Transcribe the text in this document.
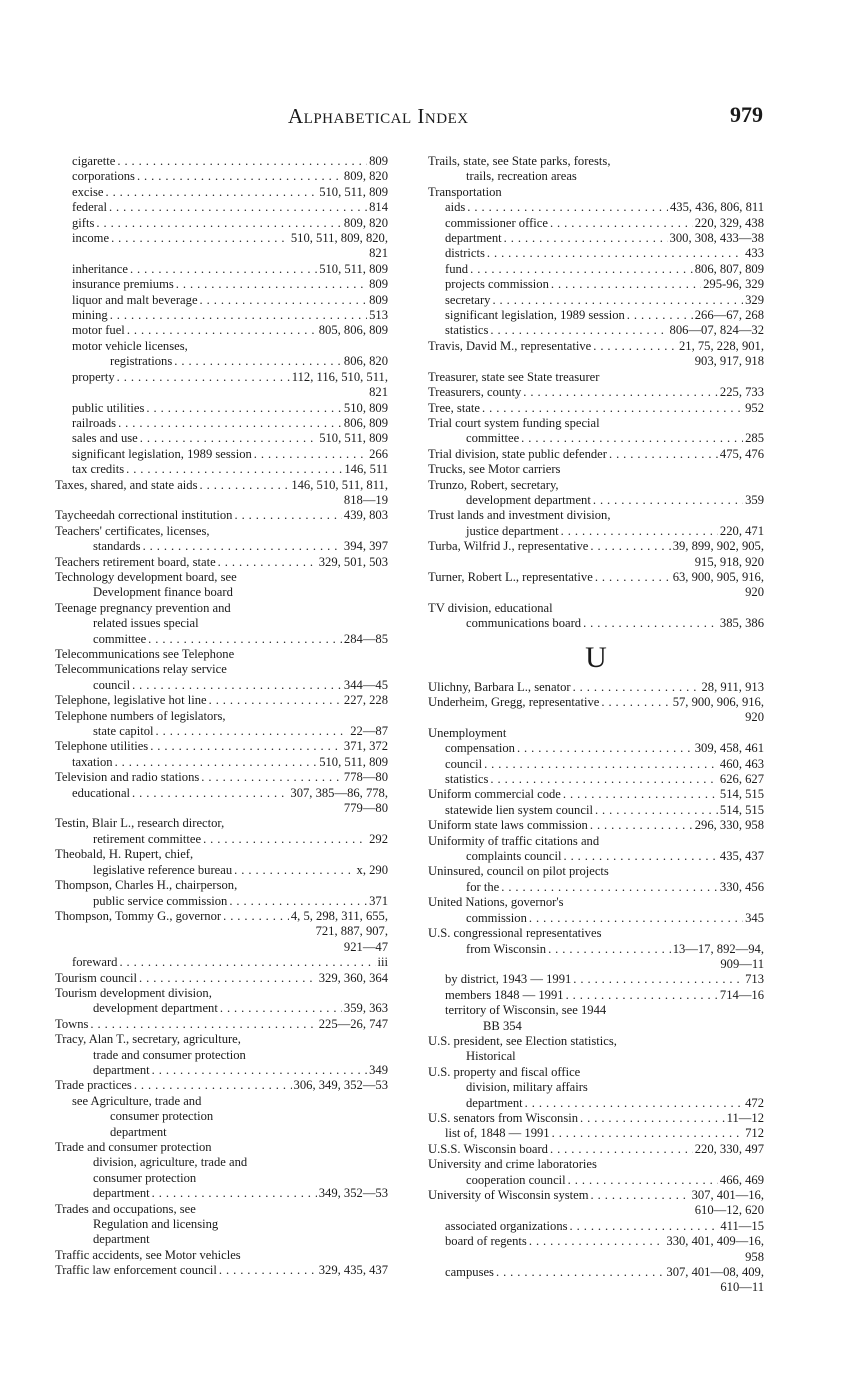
Alphabetical Index	979
cigarette . . .	809
corporations . . .	809, 820
excise . . .	510, 511, 809
federal . . .	814
gifts . . .	809, 820
income . . .	510, 511, 809, 820,
821
inheritance . . .	510, 511, 809
insurance premiums . . .	809
liquor and malt beverage . . .	809
mining . . .	513
motor fuel . . .	805, 806, 809
motor vehicle licenses,
registrations . . .	806, 820
property . . .	112, 116, 510, 511,
821
public utilities . . .	510, 809
railroads . . .	806, 809
sales and use . . .	510, 511, 809
significant legislation, 1989 session . . .	266
tax credits . . .	146, 511
Taxes, shared, and state aids . . .	146, 510, 511, 811,
818—19
Taycheedah correctional institution . . .	439, 803
Teachers' certificates, licenses,
standards . . .	394, 397
Teachers retirement board, state . . .	329, 501, 503
Technology development board, see
Development finance board
Teenage pregnancy prevention and
related issues special
committee . . .	284—85
Telecommunications see Telephone
Telecommunications relay service
council . . .	344—45
Telephone, legislative hot line . . .	227, 228
Telephone numbers of legislators,
state capitol . . .	22—87
Telephone utilities . . .	371, 372
taxation . . .	510, 511, 809
Television and radio stations . . .	778—80
educational . . .	307, 385—86, 778,
779—80
Testin, Blair L., research director,
retirement committee . . .	292
Theobald, H. Rupert, chief,
legislative reference bureau . . .	x, 290
Thompson, Charles H., chairperson,
public service commission . . .	371
Thompson, Tommy G., governor . . .	4, 5, 298, 311, 655,
721, 887, 907,
921—47
foreward . . .	iii
Tourism council . . .	329, 360, 364
Tourism development division,
development department . . .	359, 363
Towns . . .	225—26, 747
Tracy, Alan T., secretary, agriculture,
trade and consumer protection
department . . .	349
Trade practices . . .	306, 349, 352—53
see Agriculture, trade and
consumer protection
department
Trade and consumer protection
division, agriculture, trade and
consumer protection
department . . .	349, 352—53
Trades and occupations, see
Regulation and licensing
department
Traffic accidents, see Motor vehicles
Traffic law enforcement council . . .	329, 435, 437
Trails, state, see State parks, forests,
trails, recreation areas
Transportation
aids . . .	435, 436, 806, 811
commissioner office . . .	220, 329, 438
department . . .	300, 308, 433—38
districts . . .	433
fund . . .	806, 807, 809
projects commission . . .	295-96, 329
secretary . . .	329
significant legislation, 1989 session . . .	266—67, 268
statistics . . .	806—07, 824—32
Travis, David M., representative . . .	21, 75, 228, 901,
903, 917, 918
Treasurer, state see State treasurer
Treasurers, county . . .	225, 733
Tree, state . . .	952
Trial court system funding special
committee . . .	285
Trial division, state public defender . . .	475, 476
Trucks, see Motor carriers
Trunzo, Robert, secretary,
development department . . .	359
Trust lands and investment division,
justice department . . .	220, 471
Turba, Wilfrid J., representative . . .	39, 899, 902, 905,
915, 918, 920
Turner, Robert L., representative . . .	63, 900, 905, 916,
920
TV division, educational
communications board . . .	385, 386
U
Ulichny, Barbara L., senator . . .	28, 911, 913
Underheim, Gregg, representative . . .	57, 900, 906, 916,
920
Unemployment
compensation . . .	309, 458, 461
council . . .	460, 463
statistics . . .	626, 627
Uniform commercial code . . .	514, 515
statewide lien system council . . .	514, 515
Uniform state laws commission . . .	296, 330, 958
Uniformity of traffic citations and
complaints council . . .	435, 437
Uninsured, council on pilot projects
for the . . .	330, 456
United Nations, governor's
commission . . .	345
U.S. congressional representatives
from Wisconsin . . .	13—17, 892—94,
909—11
by district, 1943 — 1991 . . .	713
members 1848 — 1991 . . .	714—16
territory of Wisconsin, see 1944
BB 354
U.S. president, see Election statistics,
Historical
U.S. property and fiscal office
division, military affairs
department . . .	472
U.S. senators from Wisconsin . . .	11—12
list of, 1848 — 1991 . . .	712
U.S.S. Wisconsin board . . .	220, 330, 497
University and crime laboratories
cooperation council . . .	466, 469
University of Wisconsin system . . .	307, 401—16,
610—12, 620
associated organizations . . .	411—15
board of regents . . .	330, 401, 409—16,
958
campuses . . .	307, 401—08, 409,
610—11
